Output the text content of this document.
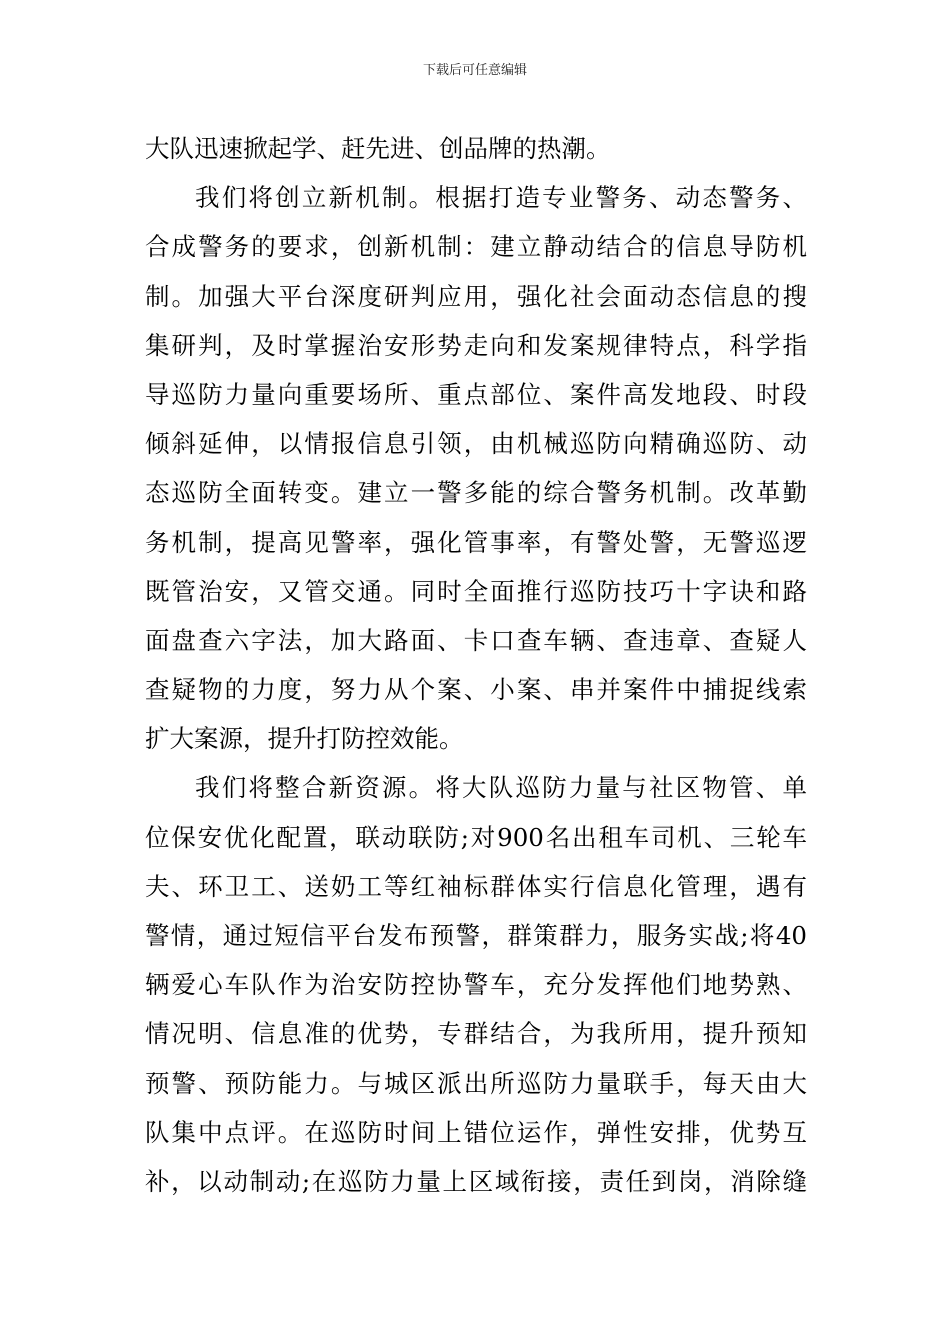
下载后可任意编辑
大队迅速掀起学、赶先进、创品牌的热潮。
我们将创立新机制。根据打造专业警务、动态警务、
合成警务的要求，创新机制：建立静动结合的信息导防机
制。加强大平台深度研判应用，强化社会面动态信息的搜
集研判，及时掌握治安形势走向和发案规律特点，科学指
导巡防力量向重要场所、重点部位、案件高发地段、时段
倾斜延伸，以情报信息引领，由机械巡防向精确巡防、动
态巡防全面转变。建立一警多能的综合警务机制。改革勤
务机制，提高见警率，强化管事率，有警处警，无警巡逻
既管治安，又管交通。同时全面推行巡防技巧十字诀和路
面盘查六字法，加大路面、卡口查车辆、查违章、查疑人
查疑物的力度，努力从个案、小案、串并案件中捕捉线索
扩大案源，提升打防控效能。
我们将整合新资源。将大队巡防力量与社区物管、单
位保安优化配置，联动联防;对900名出租车司机、三轮车
夫、环卫工、送奶工等红袖标群体实行信息化管理，遇有
警情，通过短信平台发布预警，群策群力，服务实战;将40
辆爱心车队作为治安防控协警车，充分发挥他们地势熟、
情况明、信息准的优势，专群结合，为我所用，提升预知
预警、预防能力。与城区派出所巡防力量联手，每天由大
队集中点评。在巡防时间上错位运作，弹性安排，优势互
补，以动制动;在巡防力量上区域衔接，责任到岗，消除缝
